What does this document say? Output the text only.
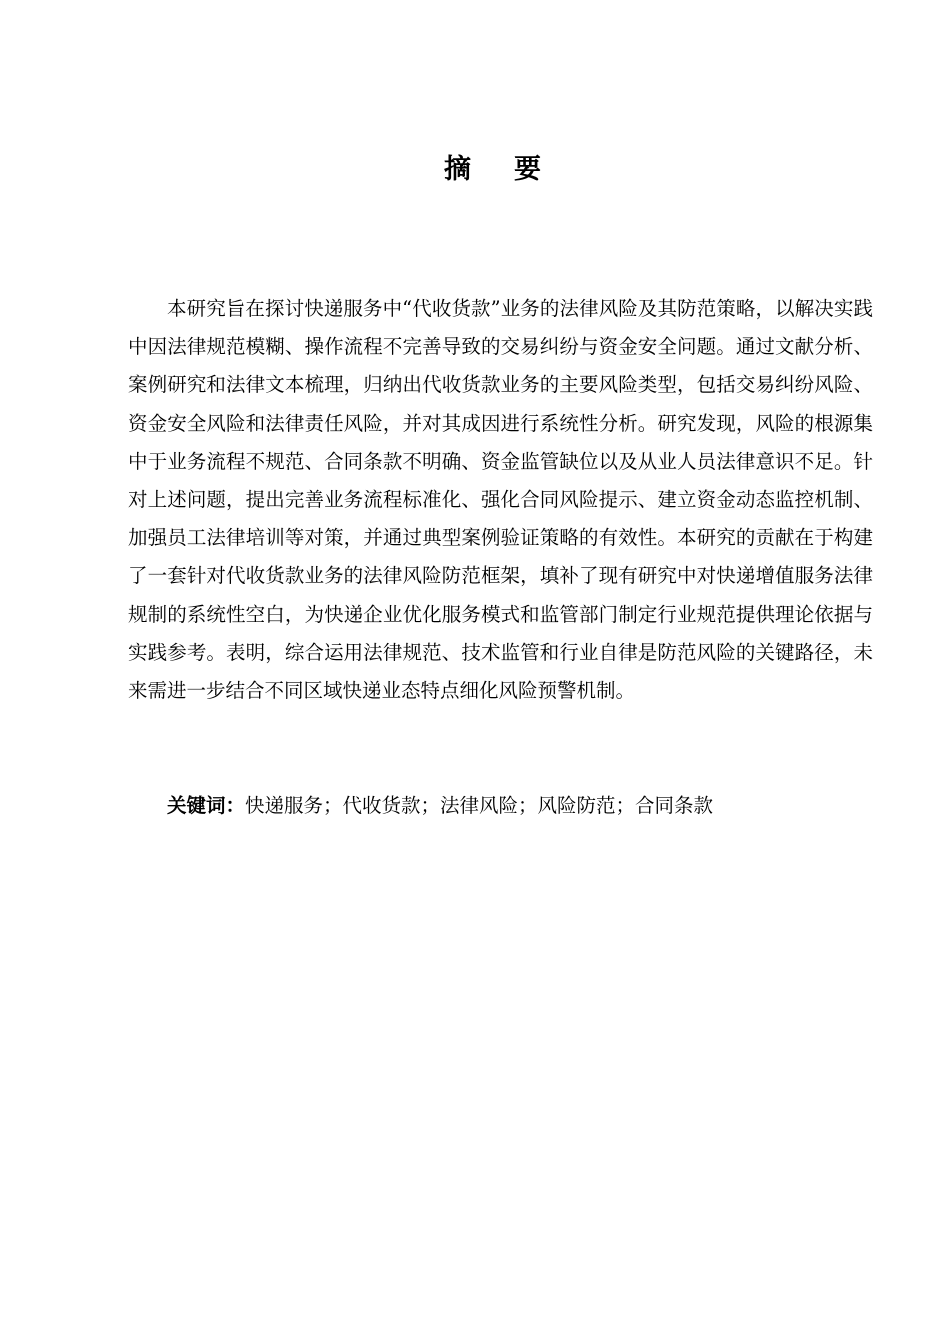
摘 要

本研究旨在探讨快递服务中“代收货款”业务的法律风险及其防范策略，以解决实践中因法律规范模糊、操作流程不完善导致的交易纠纷与资金安全问题。通过文献分析、案例研究和法律文本梳理，归纳出代收货款业务的主要风险类型，包括交易纠纷风险、资金安全风险和法律责任风险，并对其成因进行系统性分析。研究发现，风险的根源集中于业务流程不规范、合同条款不明确、资金监管缺位以及从业人员法律意识不足。针对上述问题，提出完善业务流程标准化、强化合同风险提示、建立资金动态监控机制、加强员工法律培训等对策，并通过典型案例验证策略的有效性。本研究的贡献在于构建了一套针对代收货款业务的法律风险防范框架，填补了现有研究中对快递增值服务法律规制的系统性空白，为快递企业优化服务模式和监管部门制定行业规范提供理论依据与实践参考。表明，综合运用法律规范、技术监管和行业自律是防范风险的关键路径，未来需进一步结合不同区域快递业态特点细化风险预警机制。

关键词：快递服务；代收货款；法律风险；风险防范；合同条款
